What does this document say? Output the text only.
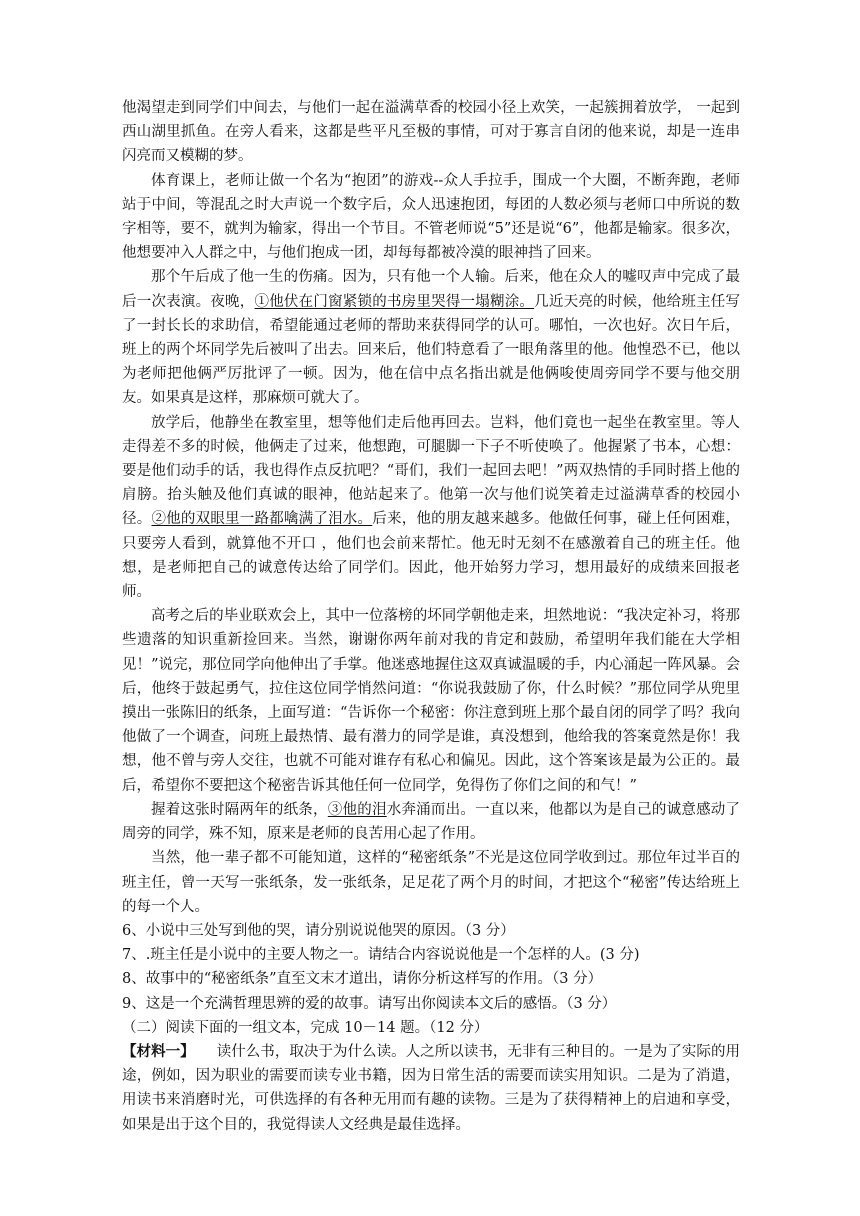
他渴望走到同学们中间去，与他们一起在溢满草香的校园小径上欢笑，一起簇拥着放学， 一起到西山湖里抓鱼。在旁人看来，这都是些平凡至极的事情，可对于寡言自闭的他来说，却是一连串闪亮而又模糊的梦。

体育课上，老师让做一个名为“抱团”的游戏--众人手拉手，围成一个大圈，不断奔跑，老师站于中间，等混乱之时大声说一个数字后，众人迅速抱团，每团的人数必须与老师口中所说的数字相等，要不，就判为输家，得出一个节目。不管老师说“5”还是说“6”，他都是输家。很多次，他想要冲入人群之中，与他们抱成一团，却每每都被冷漠的眼神挡了回来。

那个午后成了他一生的伤痛。因为，只有他一个人输。后来，他在众人的嘘叹声中完成了最后一次表演。夜晚，①他伏在门窗紧锁的书房里哭得一塌糊涂。几近天亮的时候，他给班主任写了一封长长的求助信，希望能通过老师的帮助来获得同学的认可。哪怕，一次也好。次日午后，班上的两个坏同学先后被叫了出去。回来后，他们特意看了一眼角落里的他。他惶恐不已，他以为老师把他俩严厉批评了一顿。因为，他在信中点名指出就是他俩唆使周旁同学不要与他交朋友。如果真是这样，那麻烦可就大了。

放学后，他静坐在教室里，想等他们走后他再回去。岂料，他们竟也一起坐在教室里。等人走得差不多的时候，他俩走了过来，他想跑，可腿脚一下子不听使唤了。他握紧了书本，心想：要是他们动手的话，我也得作点反抗吧？“哥们，我们一起回去吧！”两双热情的手同时搭上他的肩膀。抬头触及他们真诚的眼神，他站起来了。他第一次与他们说笑着走过溢满草香的校园小径。②他的双眼里一路都噙满了泪水。后来，他的朋友越来越多。他做任何事，碰上任何困难，只要旁人看到，就算他不开口 ，他们也会前来帮忙。他无时无刻不在感激着自己的班主任。他想，是老师把自己的诚意传达给了同学们。因此，他开始努力学习，想用最好的成绩来回报老师。

高考之后的毕业联欢会上，其中一位落榜的坏同学朝他走来，坦然地说：“我决定补习，将那些遗落的知识重新捡回来。当然，谢谢你两年前对我的肯定和鼓励，希望明年我们能在大学相见！”说完，那位同学向他伸出了手掌。他迷惑地握住这双真诚温暖的手，内心涌起一阵风暴。会后，他终于鼓起勇气，拉住这位同学悄然问道：“你说我鼓励了你，什么时候？”那位同学从兜里摸出一张陈旧的纸条，上面写道：“告诉你一个秘密：你注意到班上那个最自闭的同学了吗？我向他做了一个调查，问班上最热情、最有潜力的同学是谁，真没想到，他给我的答案竟然是你！我想，他不曾与旁人交往，也就不可能对谁存有私心和偏见。因此，这个答案该是最为公正的。最后，希望你不要把这个秘密告诉其他任何一位同学，免得伤了你们之间的和气！”

握着这张时隔两年的纸条，③他的泪水奔涌而出。一直以来，他都以为是自己的诚意感动了周旁的同学，殊不知，原来是老师的良苦用心起了作用。

当然，他一辈子都不可能知道，这样的“秘密纸条”不光是这位同学收到过。那位年过半百的班主任，曾一天写一张纸条，发一张纸条，足足花了两个月的时间，才把这个“秘密”传达给班上的每一个人。

6、小说中三处写到他的哭，请分别说说他哭的原因。（3 分）

7、.班主任是小说中的主要人物之一。请结合内容说说他是一个怎样的人。(3 分)

8、故事中的“秘密纸条”直至文末才道出，请你分析这样写的作用。（3 分）

9、这是一个充满哲理思辨的爱的故事。请写出你阅读本文后的感悟。（3 分）

（二）阅读下面的一组文本，完成 10－14 题。（12 分）

【材料一】 读什么书，取决于为什么读。人之所以读书，无非有三种目的。一是为了实际的用途，例如，因为职业的需要而读专业书籍，因为日常生活的需要而读实用知识。二是为了消遣，用读书来消磨时光，可供选择的有各种无用而有趣的读物。三是为了获得精神上的启迪和享受，如果是出于这个目的，我觉得读人文经典是最佳选择。
